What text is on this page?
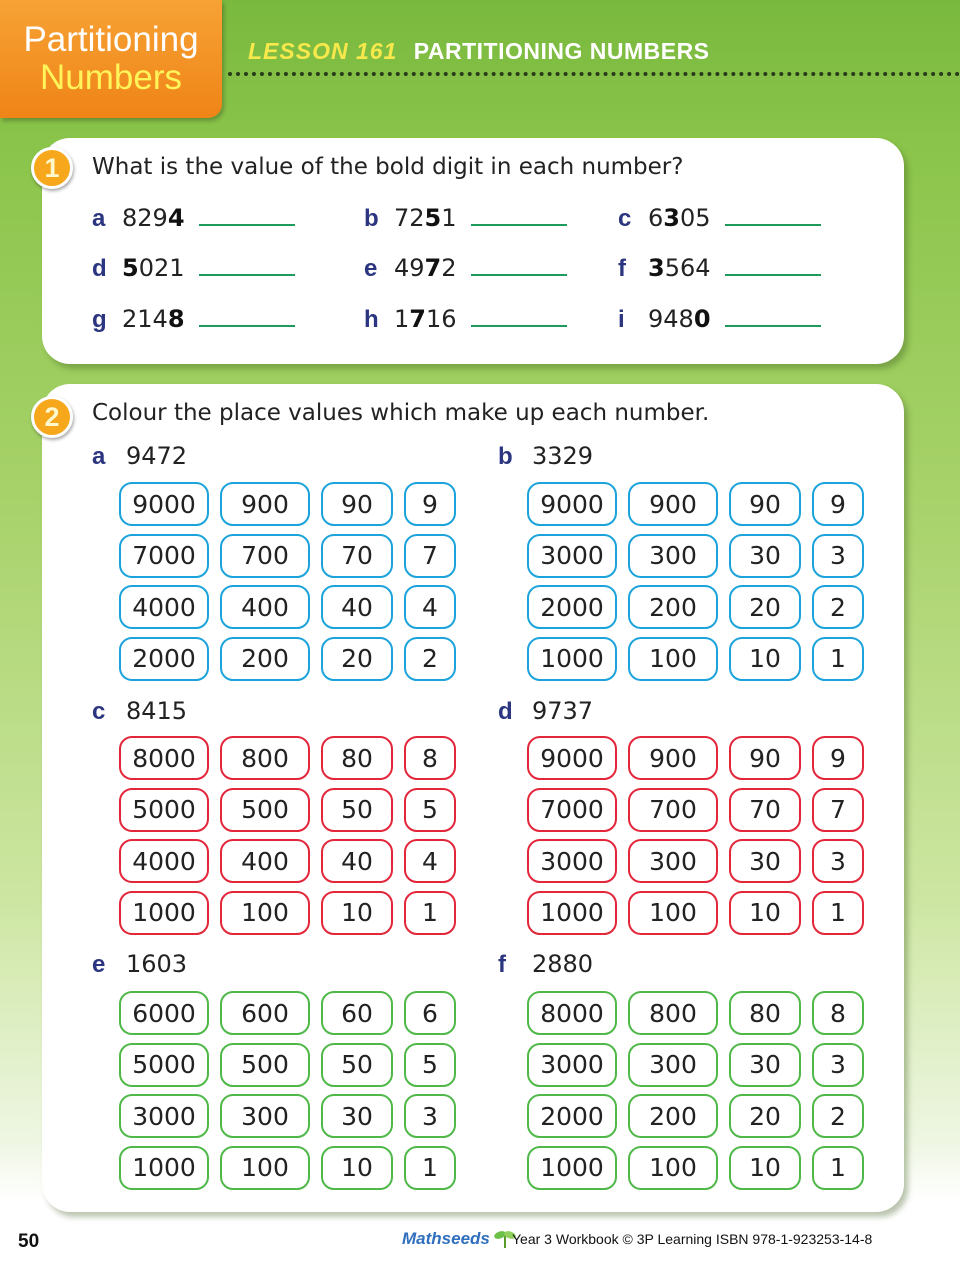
Partitioning
Numbers
LESSON 161 PARTITIONING NUMBERS
1	What is the value of the bold digit in each number?
2	Colour the place values which make up each number.
a 8294	b 7251	c 6305
d 5021	e 4972	f 3564
g 2148	h 1716	i 9480
a 9472
9000	900	90	9
7000	700	70	7
4000	400	40	4
2000	200	20	2
b 3329
9000	900	90	9
3000	300	30	3
2000	200	20	2
1000	100	10	1
c 8415
8000	800	80	8
5000	500	50	5
4000	400	40	4
1000	100	10	1
d 9737
9000	900	90	9
7000	700	70	7
3000	300	30	3
1000	100	10	1
e 1603
6000	600	60	6
5000	500	50	5
3000	300	30	3
1000	100	10	1
f	2880
8000	800	80	8
3000	300	30	3
2000	200	20	2
1000	100	10	1
50	Mathseeds Year 3 Workbook © 3P Learning ISBN 978-1-923253-14-8
